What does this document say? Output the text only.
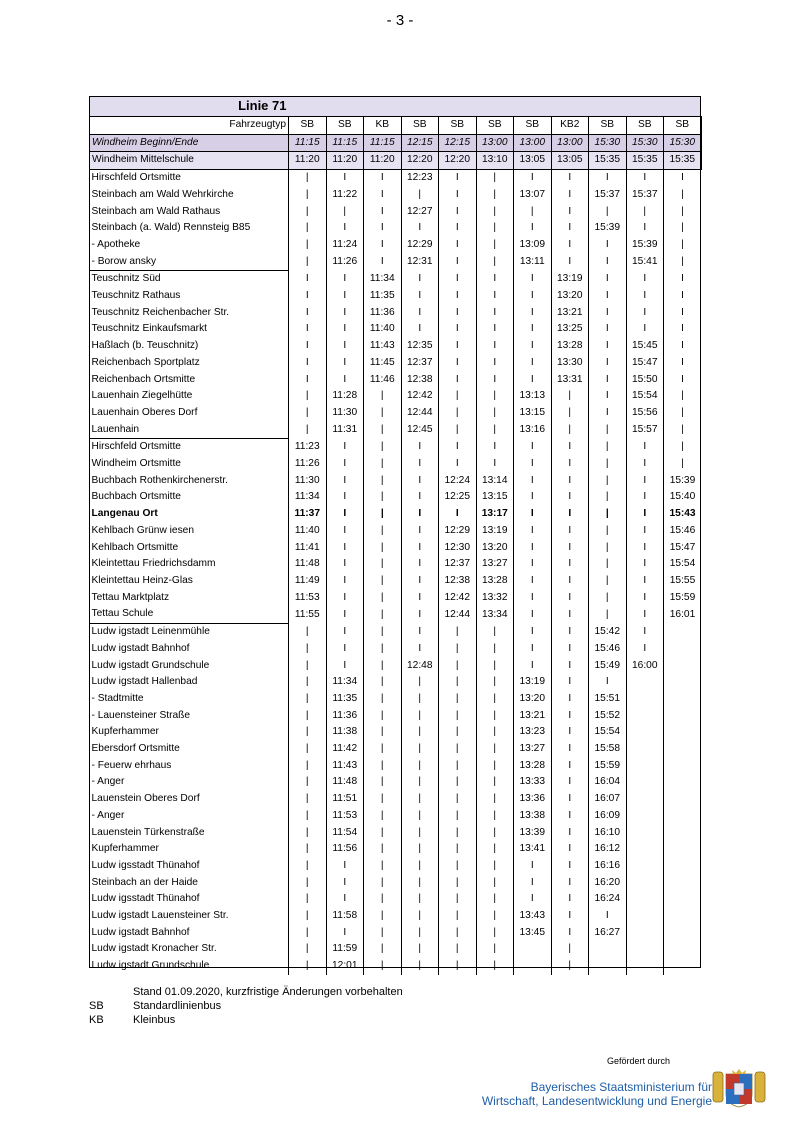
- 3 -
Linie 71											
Fahrzeugtyp	SB	SB	KB	SB	SB	SB	SB	KB2	SB	SB	SB
Windheim Beginn/Ende	11:15	11:15	11:15	12:15	12:15	13:00	13:00	13:00	15:30	15:30	15:30
Windheim Mittelschule	11:20	11:20	11:20	12:20	12:20	13:10	13:05	13:05	15:35	15:35	15:35
Hirschfeld Ortsmitte	|	I	I	12:23	I	|	I	I	I	I	I
Steinbach am Wald Wehrkirche	|	11:22	I	|	I	|	13:07	I	15:37	15:37	|
Steinbach am Wald Rathaus	|	|	I	12:27	I	|	|	I	|	|	|
Steinbach (a. Wald) Rennsteig B85	|	I	I	I	I	|	I	I	15:39	I	|
- Apotheke	|	11:24	I	12:29	I	|	13:09	I	I	15:39	|
- Borow ansky	|	11:26	I	12:31	I	|	13:11	I	I	15:41	|
Teuschnitz Süd	I	I	11:34	I	I	I	I	13:19	I	I	I
Teuschnitz Rathaus	I	I	11:35	I	I	I	I	13:20	I	I	I
Teuschnitz Reichenbacher Str.	I	I	11:36	I	I	I	I	13:21	I	I	I
Teuschnitz Einkaufsmarkt	I	I	11:40	I	I	I	I	13:25	I	I	I
Haßlach (b. Teuschnitz)	I	I	11:43	12:35	I	I	I	13:28	I	15:45	I
Reichenbach Sportplatz	I	I	11:45	12:37	I	I	I	13:30	I	15:47	I
Reichenbach Ortsmitte	I	I	11:46	12:38	I	I	I	13:31	I	15:50	I
Lauenhain Ziegelhütte	|	11:28	|	12:42	|	|	13:13	|	I	15:54	|
Lauenhain Oberes Dorf	|	11:30	|	12:44	|	|	13:15	|	I	15:56	|
Lauenhain	|	11:31	|	12:45	|	|	13:16	|	|	15:57	|
Hirschfeld Ortsmitte	11:23	I	|	I	I	I	I	I	|	I	|
Windheim Ortsmitte	11:26	I	|	I	I	I	I	I	|	I	|
Buchbach Rothenkirchenerstr.	11:30	I	|	I	12:24	13:14	I	I	|	I	15:39
Buchbach Ortsmitte	11:34	I	|	I	12:25	13:15	I	I	|	I	15:40
Langenau Ort	11:37	I	|	I	I	13:17	I	I	|	I	15:43
Kehlbach Grünw iesen	11:40	I	|	I	12:29	13:19	I	I	|	I	15:46
Kehlbach Ortsmitte	11:41	I	|	I	12:30	13:20	I	I	|	I	15:47
Kleintettau Friedrichsdamm	11:48	I	|	I	12:37	13:27	I	I	|	I	15:54
Kleintettau Heinz-Glas	11:49	I	|	I	12:38	13:28	I	I	|	I	15:55
Tettau Marktplatz	11:53	I	|	I	12:42	13:32	I	I	|	I	15:59
Tettau Schule	11:55	I	|	I	12:44	13:34	I	I	|	I	16:01
Ludw igstadt Leinenmühle	|	I	|	I	|	|	I	I	15:42	I	
Ludw igstadt Bahnhof	|	I	|	I	|	|	I	I	15:46	I	
Ludw igstadt Grundschule	|	I	|	12:48	|	|	I	I	15:49	16:00	
Ludw igstadt Hallenbad	|	11:34	|	|	|	|	13:19	I	I		
- Stadtmitte	|	11:35	|	|	|	|	13:20	I	15:51		
- Lauensteiner Straße	|	11:36	|	|	|	|	13:21	I	15:52		
Kupferhammer	|	11:38	|	|	|	|	13:23	I	15:54		
Ebersdorf Ortsmitte	|	11:42	|	|	|	|	13:27	I	15:58		
- Feuerw ehrhaus	|	11:43	|	|	|	|	13:28	I	15:59		
- Anger	|	11:48	|	|	|	|	13:33	I	16:04		
Lauenstein Oberes Dorf	|	11:51	|	|	|	|	13:36	I	16:07		
- Anger	|	11:53	|	|	|	|	13:38	I	16:09		
Lauenstein Türkenstraße	|	11:54	|	|	|	|	13:39	I	16:10		
Kupferhammer	|	11:56	|	|	|	|	13:41	I	16:12		
Ludw igsstadt Thünahof	|	I	|	|	|	|	I	I	16:16		
Steinbach an der Haide	|	I	|	|	|	|	I	I	16:20		
Ludw igsstadt Thünahof	|	I	|	|	|	|	I	I	16:24		
Ludw igstadt Lauensteiner Str.	|	11:58	|	|	|	|	13:43	I	I		
Ludw igstadt Bahnhof	|	I	|	|	|	|	13:45	I	16:27		
Ludw igstadt Kronacher Str.	|	11:59	|	|	|	|		|			
Ludw igstadt Grundschule	|	12:01	|	|	|	|		|			
Stand 01.09.2020, kurzfristige Änderungen vorbehalten
SB	Standardlinienbus
KB	Kleinbus
Gefördert durch
Bayerisches Staatsministerium für
Wirtschaft, Landesentwicklung und Energie
